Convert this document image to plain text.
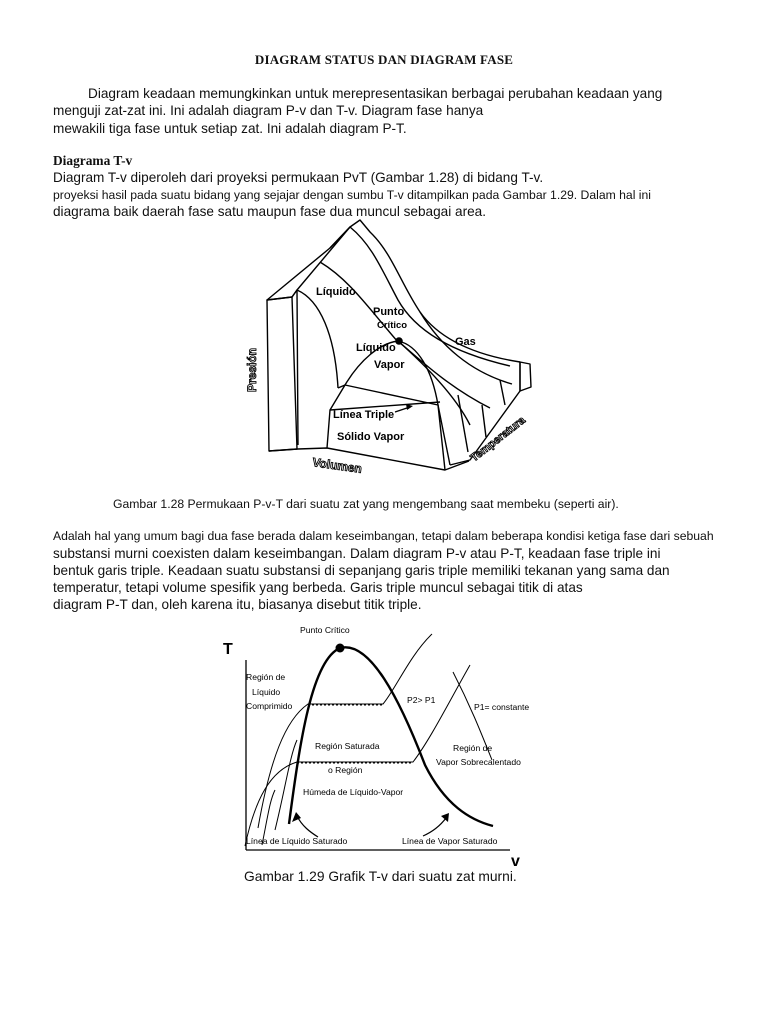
DIAGRAM STATUS DAN DIAGRAM FASE
Diagram keadaan memungkinkan untuk merepresentasikan berbagai perubahan keadaan yang
menguji zat-zat ini. Ini adalah diagram P-v dan T-v. Diagram fase hanya
mewakili tiga fase untuk setiap zat. Ini adalah diagram P-T.
Diagrama T-v
Diagram T-v diperoleh dari proyeksi permukaan PvT (Gambar 1.28) di bidang T-v.
proyeksi hasil pada suatu bidang yang sejajar dengan sumbu T-v ditampilkan pada Gambar 1.29. Dalam hal ini
diagrama baik daerah fase satu maupun fase dua muncul sebagai area.
Líquido
Punto
Crítico
Gas
Líquido
Vapor
Línea Triple
Sólido Vapor
Presión
Volumen
Temperatura
Gambar 1.28 Permukaan P-v-T dari suatu zat yang mengembang saat membeku (seperti air).
Adalah hal yang umum bagi dua fase berada dalam keseimbangan, tetapi dalam beberapa kondisi ketiga fase dari sebuah
substansi murni coexisten dalam keseimbangan. Dalam diagram P-v atau P-T, keadaan fase triple ini
bentuk garis triple. Keadaan suatu substansi di sepanjang garis triple memiliki tekanan yang sama dan
temperatur, tetapi volume spesifik yang berbeda. Garis triple muncul sebagai titik di atas
diagram P-T dan, oleh karena itu, biasanya disebut titik triple.
T
v
Punto Crítico
Región de
Líquido
Comprimido
P2> P1
P1= constante
Región Saturada
o Región
Húmeda de Líquido-Vapor
Región de
Vapor Sobrecalentado
Línea de Líquido Saturado	Línea de Vapor Saturado
Gambar 1.29 Grafik T-v dari suatu zat murni.
